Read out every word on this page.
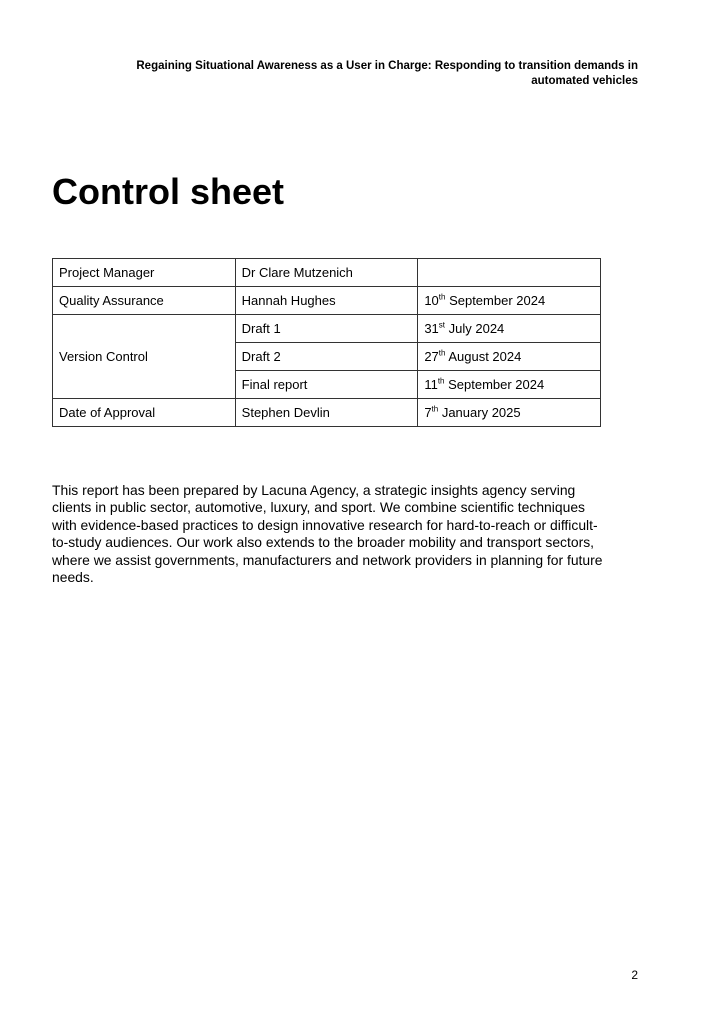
Regaining Situational Awareness as a User in Charge: Responding to transition demands in
automated vehicles
Control sheet
Project Manager	Dr Clare Mutzenich	
Quality Assurance	Hannah Hughes	10th September 2024
Version Control	Draft 1	31st July 2024
	Draft 2	27th August 2024
	Final report	11th September 2024
Date of Approval	Stephen Devlin	7th January 2025
This report has been prepared by Lacuna Agency, a strategic insights agency serving
clients in public sector, automotive, luxury, and sport. We combine scientific techniques
with evidence-based practices to design innovative research for hard-to-reach or difficult-
to-study audiences. Our work also extends to the broader mobility and transport sectors,
where we assist governments, manufacturers and network providers in planning for future
needs.
2
